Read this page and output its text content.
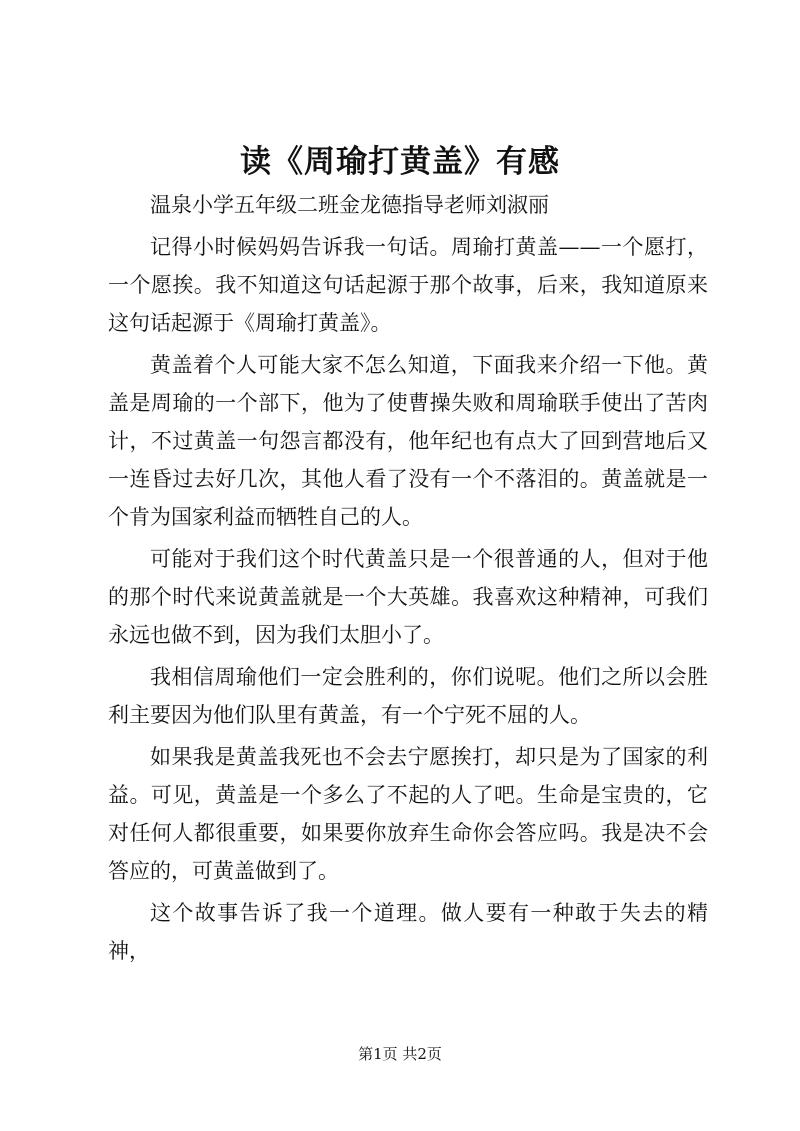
读《周瑜打黄盖》有感

温泉小学五年级二班金龙德指导老师刘淑丽

记得小时候妈妈告诉我一句话。周瑜打黄盖——一个愿打，一个愿挨。我不知道这句话起源于那个故事，后来，我知道原来这句话起源于《周瑜打黄盖》。

黄盖着个人可能大家不怎么知道，下面我来介绍一下他。黄盖是周瑜的一个部下，他为了使曹操失败和周瑜联手使出了苦肉计，不过黄盖一句怨言都没有，他年纪也有点大了回到营地后又一连昏过去好几次，其他人看了没有一个不落泪的。黄盖就是一个肯为国家利益而牺牲自己的人。

可能对于我们这个时代黄盖只是一个很普通的人，但对于他的那个时代来说黄盖就是一个大英雄。我喜欢这种精神，可我们永远也做不到，因为我们太胆小了。

我相信周瑜他们一定会胜利的，你们说呢。他们之所以会胜利主要因为他们队里有黄盖，有一个宁死不屈的人。

如果我是黄盖我死也不会去宁愿挨打，却只是为了国家的利益。可见，黄盖是一个多么了不起的人了吧。生命是宝贵的，它对任何人都很重要，如果要你放弃生命你会答应吗。我是决不会答应的，可黄盖做到了。

这个故事告诉了我一个道理。做人要有一种敢于失去的精神，

第1页 共2页
